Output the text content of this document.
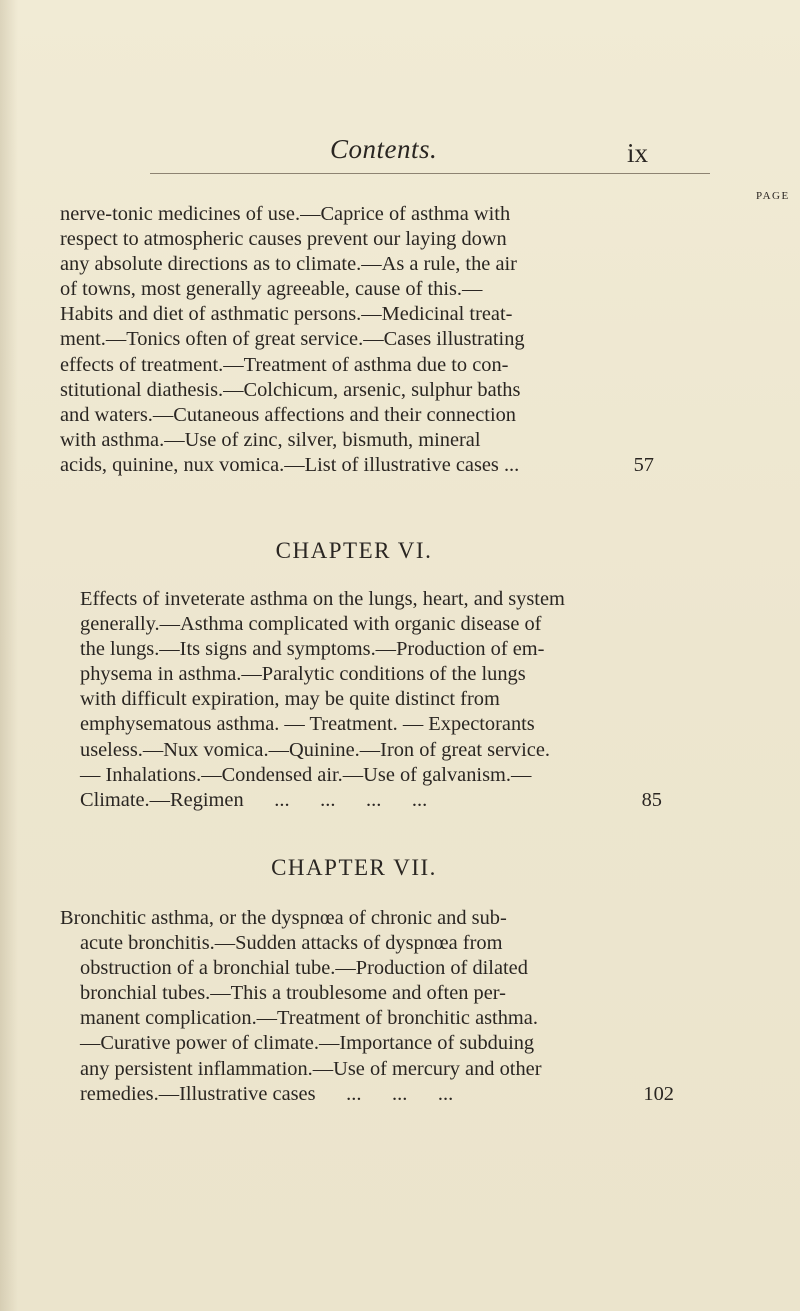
Contents.	ix
PAGE
nerve-tonic medicines of use.—Caprice of asthma with
respect to atmospheric causes prevent our laying down
any absolute directions as to climate.—As a rule, the air
of towns, most generally agreeable, cause of this.—
Habits and diet of asthmatic persons.—Medicinal treat-
ment.—Tonics often of great service.—Cases illustrating
effects of treatment.—Treatment of asthma due to con-
stitutional diathesis.—Colchicum, arsenic, sulphur baths
and waters.—Cutaneous affections and their connection
with asthma.—Use of zinc, silver, bismuth, mineral
acids, quinine, nux vomica.—List of illustrative cases ...	57
CHAPTER VI.
Effects of inveterate asthma on the lungs, heart, and system
generally.—Asthma complicated with organic disease of
the lungs.—Its signs and symptoms.—Production of em-
physema in asthma.—Paralytic conditions of the lungs
with difficult expiration, may be quite distinct from
emphysematous asthma. — Treatment. — Expectorants
useless.—Nux vomica.—Quinine.—Iron of great service.
— Inhalations.—Condensed air.—Use of galvanism.—
Climate.—Regimen      ...      ...      ...      ...	85
CHAPTER VII.
Bronchitic asthma, or the dyspnœa of chronic and sub-
acute bronchitis.—Sudden attacks of dyspnœa from
obstruction of a bronchial tube.—Production of dilated
bronchial tubes.—This a troublesome and often per-
manent complication.—Treatment of bronchitic asthma.
—Curative power of climate.—Importance of subduing
any persistent inflammation.—Use of mercury and other
remedies.—Illustrative cases      ...      ...      ...	102
